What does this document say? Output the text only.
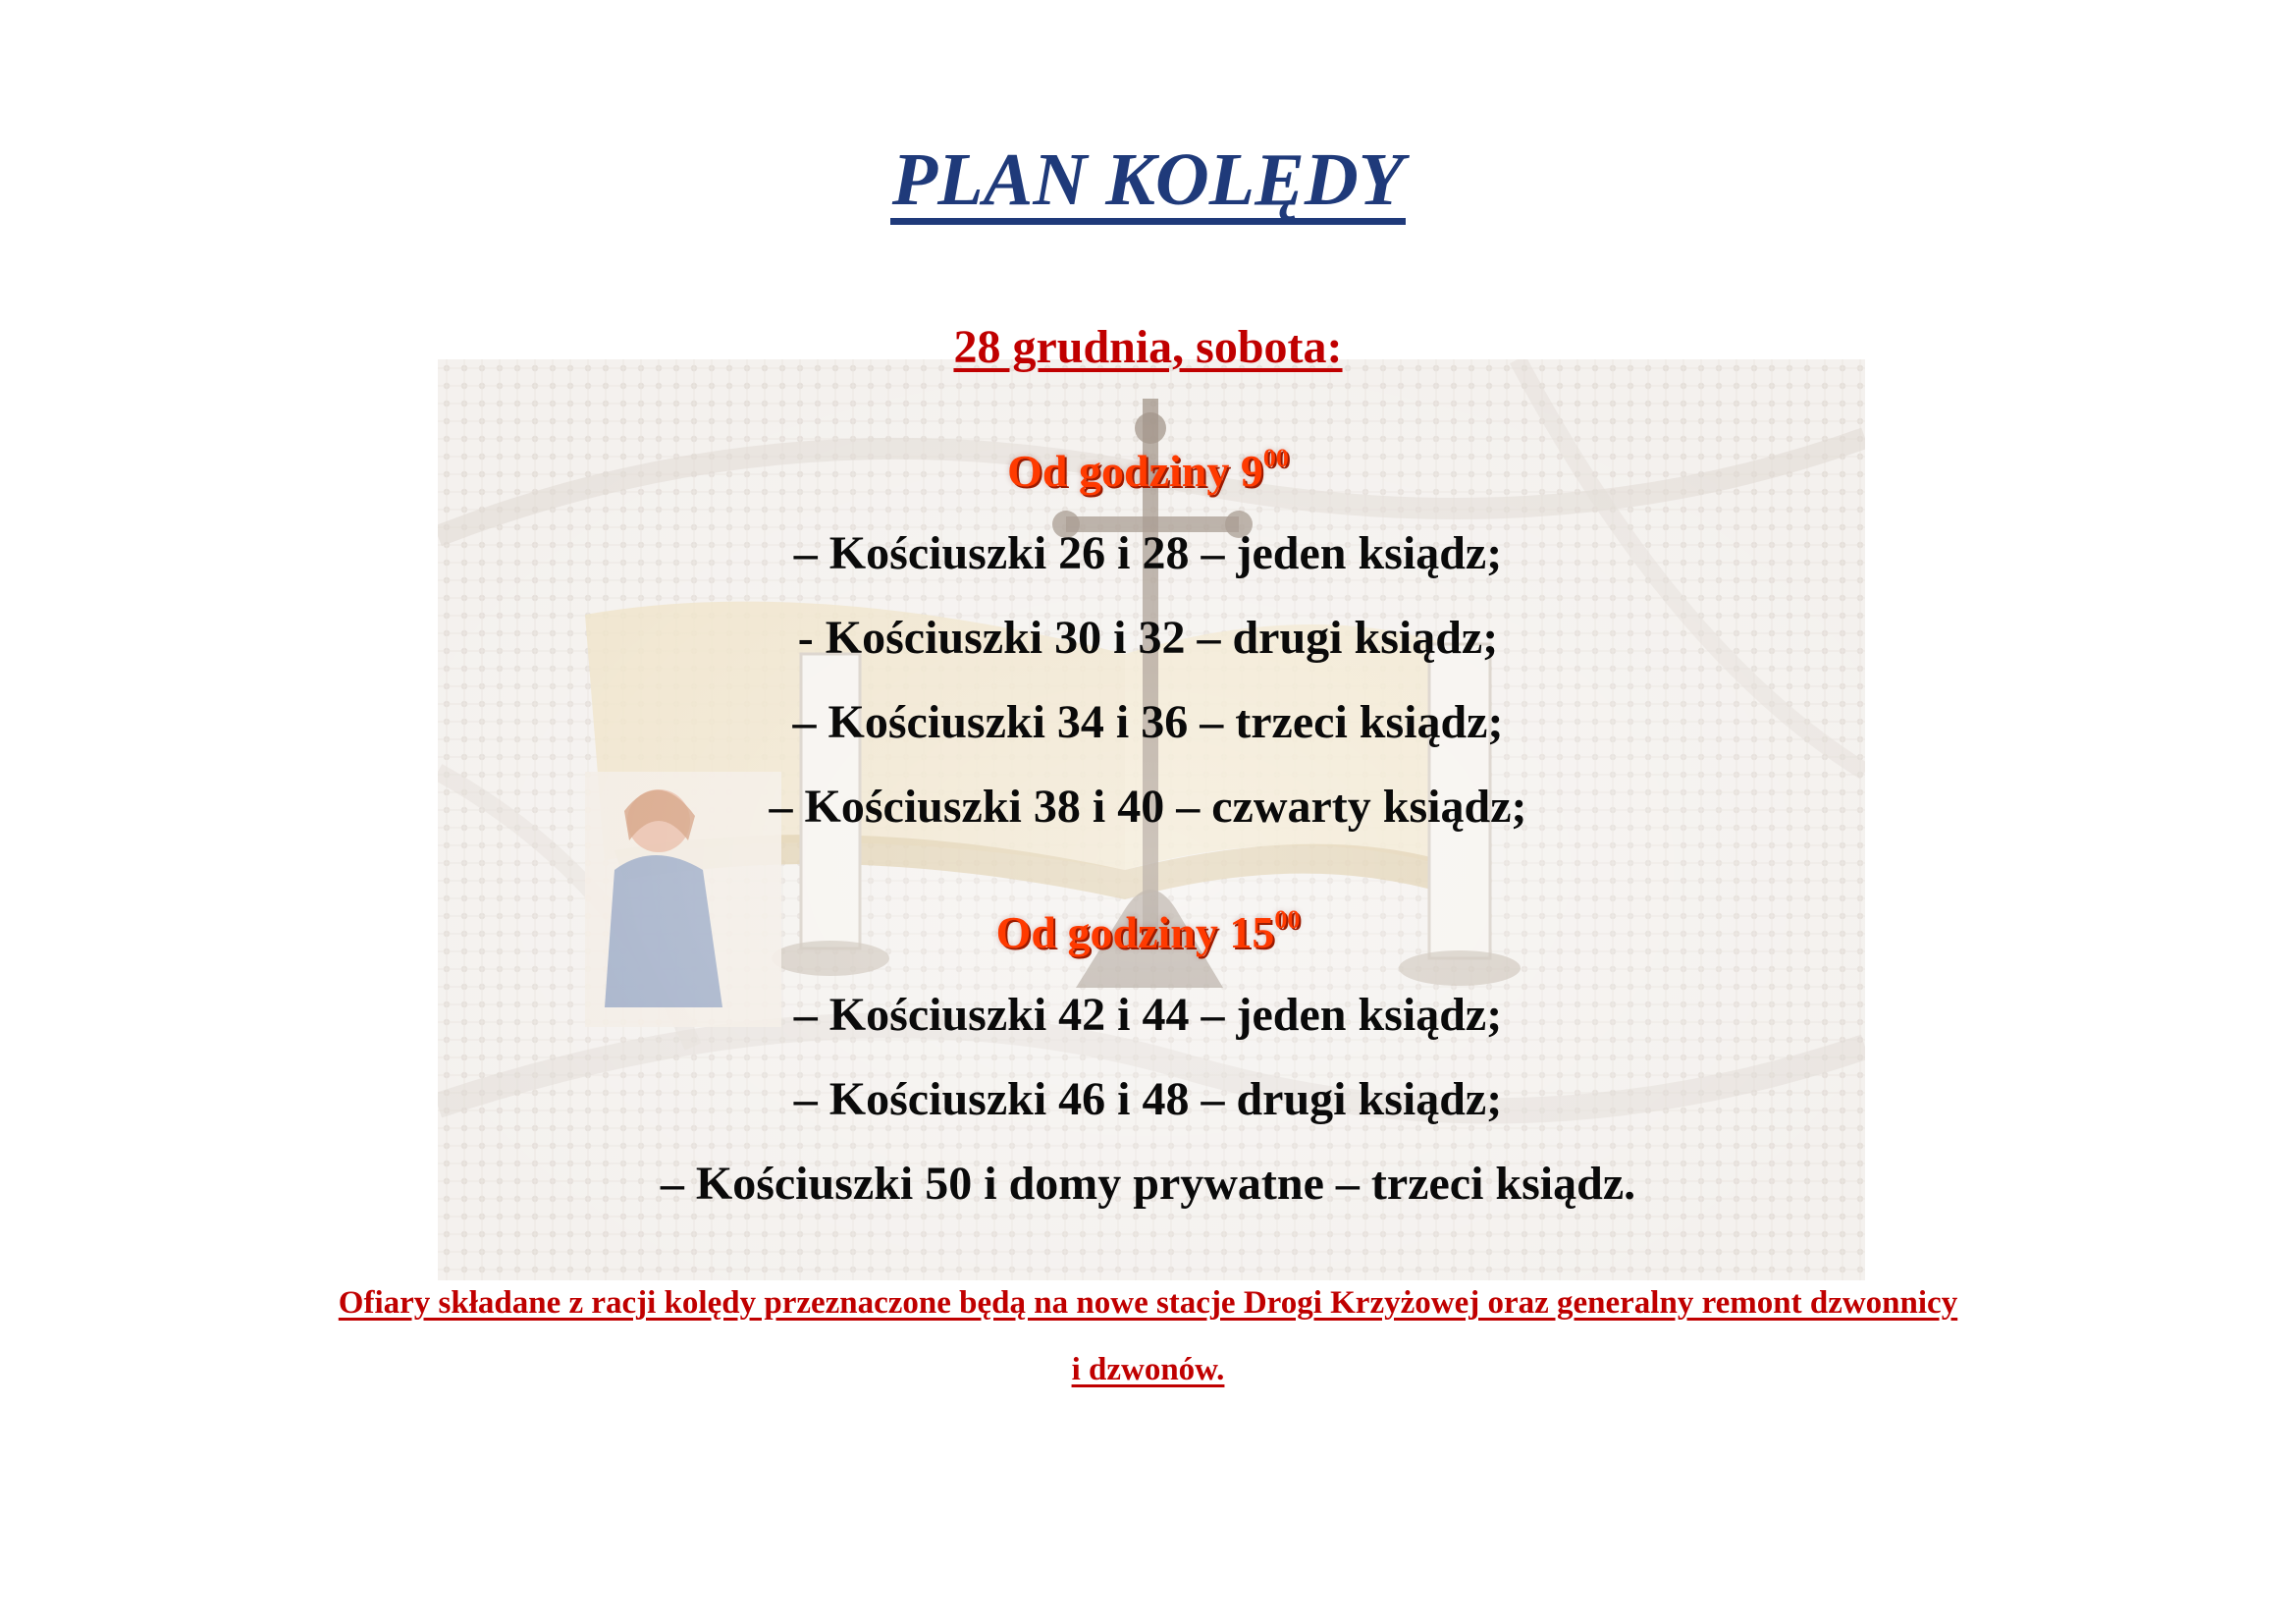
PLAN KOLĘDY
28 grudnia, sobota:
Od godziny $9^{00}$
– Kościuszki 26 i 28 – jeden ksiądz;
- Kościuszki 30 i 32 – drugi ksiądz;
– Kościuszki 34 i 36 – trzeci ksiądz;
– Kościuszki 38 i 40 – czwarty ksiądz;
Od godziny $15^{00}$
– Kościuszki 42 i 44 – jeden ksiądz;
– Kościuszki 46 i 48 – drugi ksiądz;
– Kościuszki 50 i domy prywatne – trzeci ksiądz.
Ofiary składane z racji kolędy przeznaczone będą na nowe stacje Drogi Krzyżowej oraz generalny remont dzwonnicy
i dzwonów.
